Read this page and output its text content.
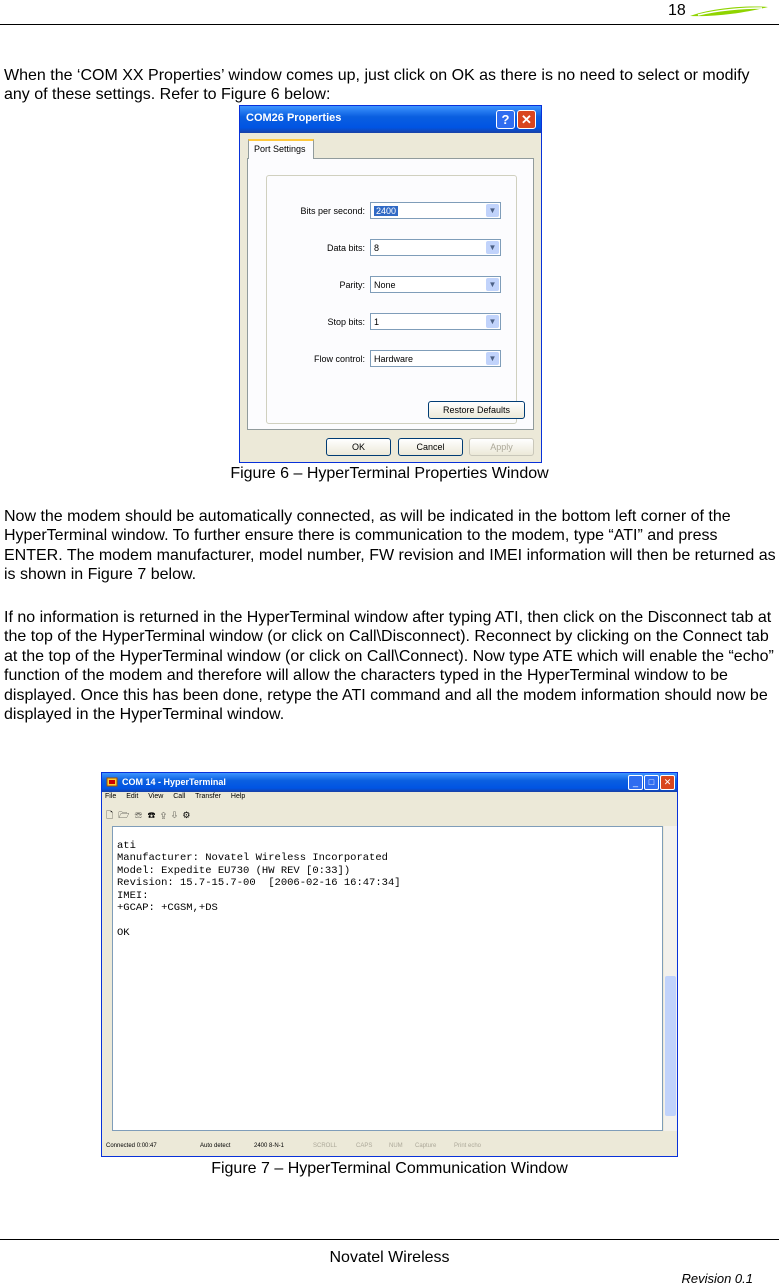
18
When the ‘COM XX Properties’ window comes up, just click on OK as there is no need to select or modify any of these settings. Refer to Figure 6 below:
COM26 Properties	? ✕
Bits per second:	2400	▼
Data bits:	8	▼
Parity:	None	▼
Stop bits:	1	▼
Flow control:	Hardware	▼
Restore Defaults
Port Settings
OK	Cancel	Apply
Figure 6 – HyperTerminal Properties Window
Now the modem should be automatically connected, as will be indicated in the bottom left corner of the HyperTerminal window. To further ensure there is communication to the modem, type “ATI” and press ENTER. The modem manufacturer, model number, FW revision and IMEI information will then be returned as is shown in Figure 7 below.
If no information is returned in the HyperTerminal window after typing ATI, then click on the Disconnect tab at the top of the HyperTerminal window (or click on Call\Disconnect). Reconnect by clicking on the Connect tab at the top of the HyperTerminal window (or click on Call\Connect). Now type ATE which will enable the “echo” function of the modem and therefore will allow the characters typed in the HyperTerminal window to be displayed. Once this has been done, retype the ATI command and all the modem information should now be displayed in the HyperTerminal window.
COM 14 - HyperTerminal	_	□	✕
File Edit View Call Transfer Help
🗋🗁☏☎⇪⇩⚙
ati
Manufacturer: Novatel Wireless Incorporated
Model: Expedite EU730 (HW REV [0:33])
Revision: 15.7-15.7-00  [2006-02-16 16:47:34]
IMEI:
+GCAP: +CGSM,+DS

OK
Connected 0:00:47	Auto detect	2400 8-N-1	SCROLL	CAPS	NUM Capture	Print echo
Figure 7 – HyperTerminal Communication Window
Novatel Wireless
Revision 0.1
